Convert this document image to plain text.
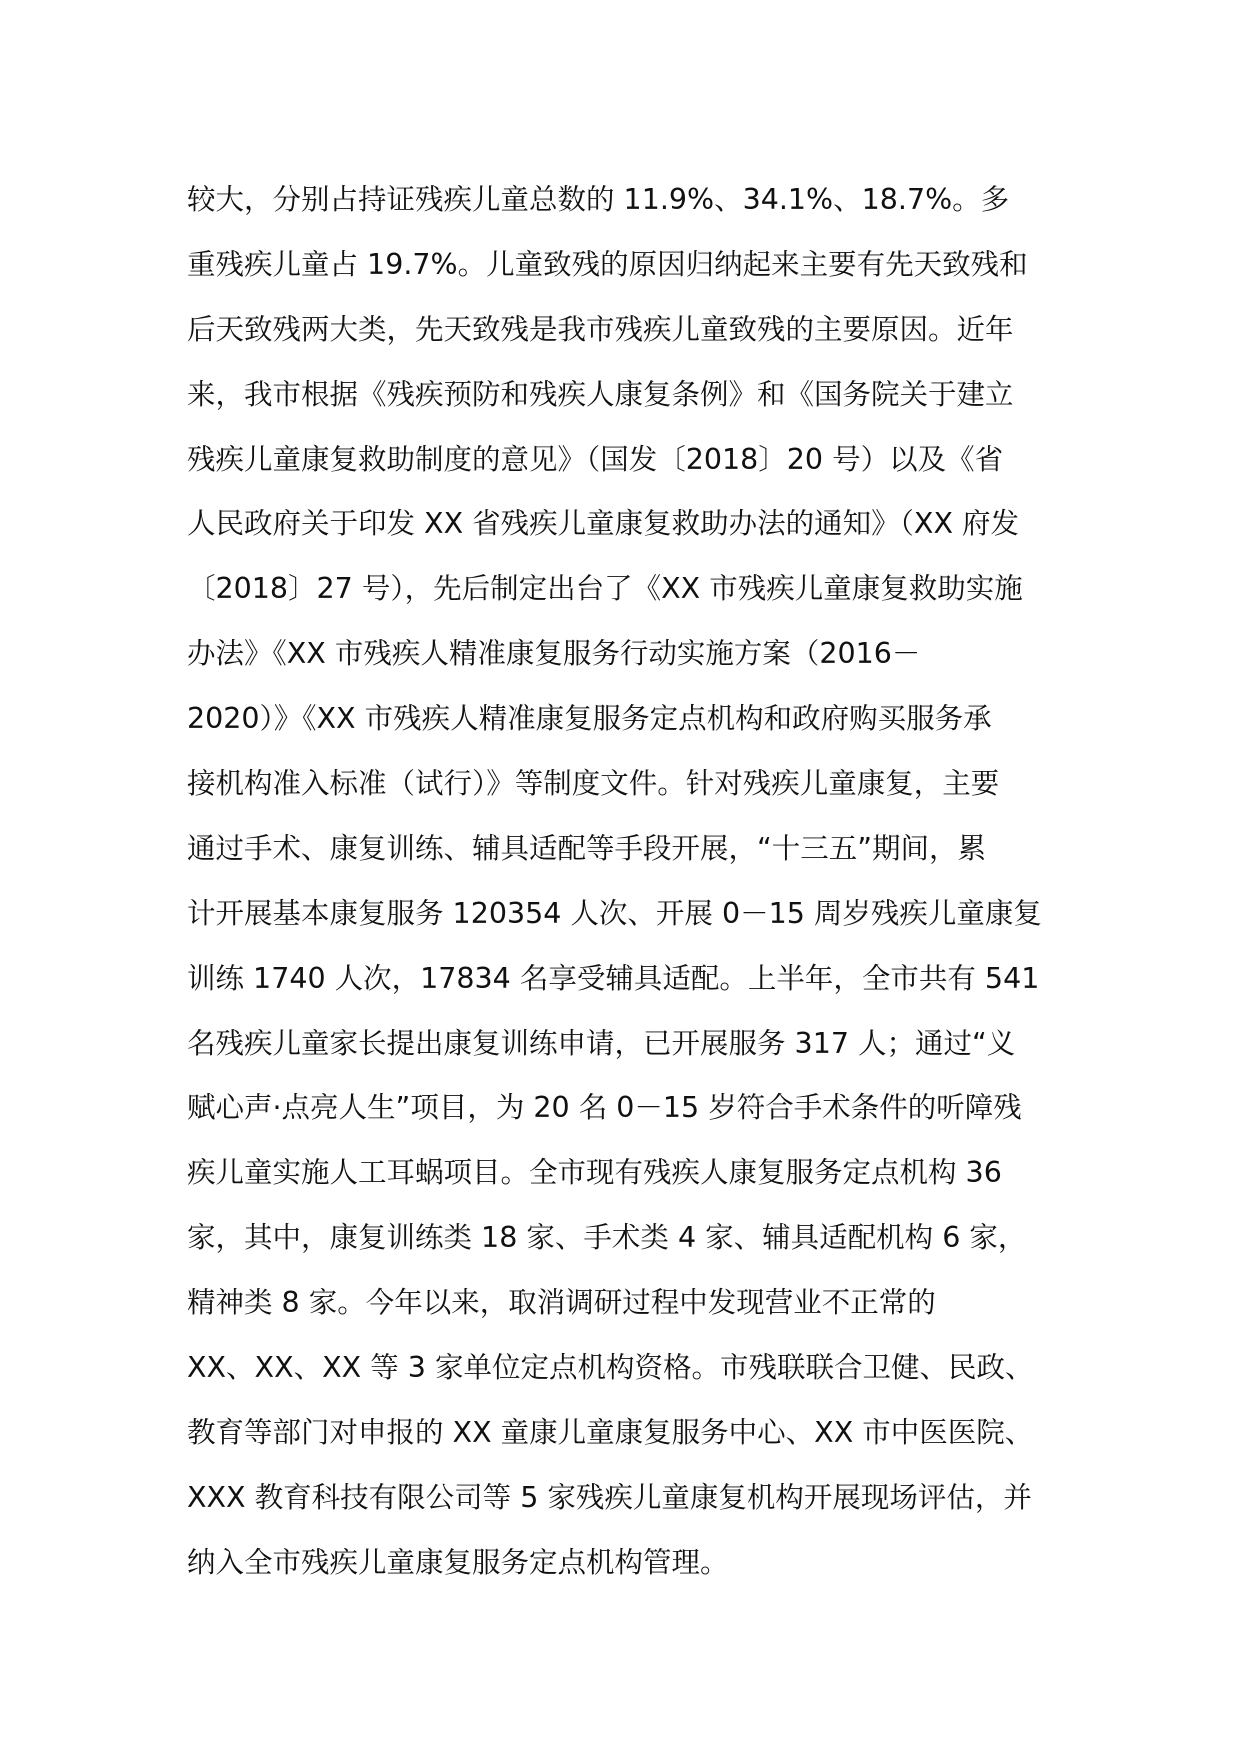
较大，分别占持证残疾儿童总数的 11.9%、34.1%、18.7%。多
重残疾儿童占 19.7%。儿童致残的原因归纳起来主要有先天致残和
后天致残两大类，先天致残是我市残疾儿童致残的主要原因。近年
来，我市根据《残疾预防和残疾人康复条例》和《国务院关于建立
残疾儿童康复救助制度的意见》（国发〔2018〕20 号）以及《省
人民政府关于印发 XX 省残疾儿童康复救助办法的通知》（XX 府发
〔2018〕27 号），先后制定出台了《XX 市残疾儿童康复救助实施
办法》《XX 市残疾人精准康复服务行动实施方案（2016－
2020）》《XX 市残疾人精准康复服务定点机构和政府购买服务承
接机构准入标准（试行）》等制度文件。针对残疾儿童康复，主要
通过手术、康复训练、辅具适配等手段开展，“十三五”期间，累
计开展基本康复服务 120354 人次、开展 0－15 周岁残疾儿童康复
训练 1740 人次，17834 名享受辅具适配。上半年，全市共有 541
名残疾儿童家长提出康复训练申请，已开展服务 317 人；通过“义
赋心声·点亮人生”项目，为 20 名 0－15 岁符合手术条件的听障残
疾儿童实施人工耳蜗项目。全市现有残疾人康复服务定点机构 36
家，其中，康复训练类 18 家、手术类 4 家、辅具适配机构 6 家，
精神类 8 家。今年以来，取消调研过程中发现营业不正常的
XX、XX、XX 等 3 家单位定点机构资格。市残联联合卫健、民政、
教育等部门对申报的 XX 童康儿童康复服务中心、XX 市中医医院、
XXX 教育科技有限公司等 5 家残疾儿童康复机构开展现场评估，并
纳入全市残疾儿童康复服务定点机构管理。
